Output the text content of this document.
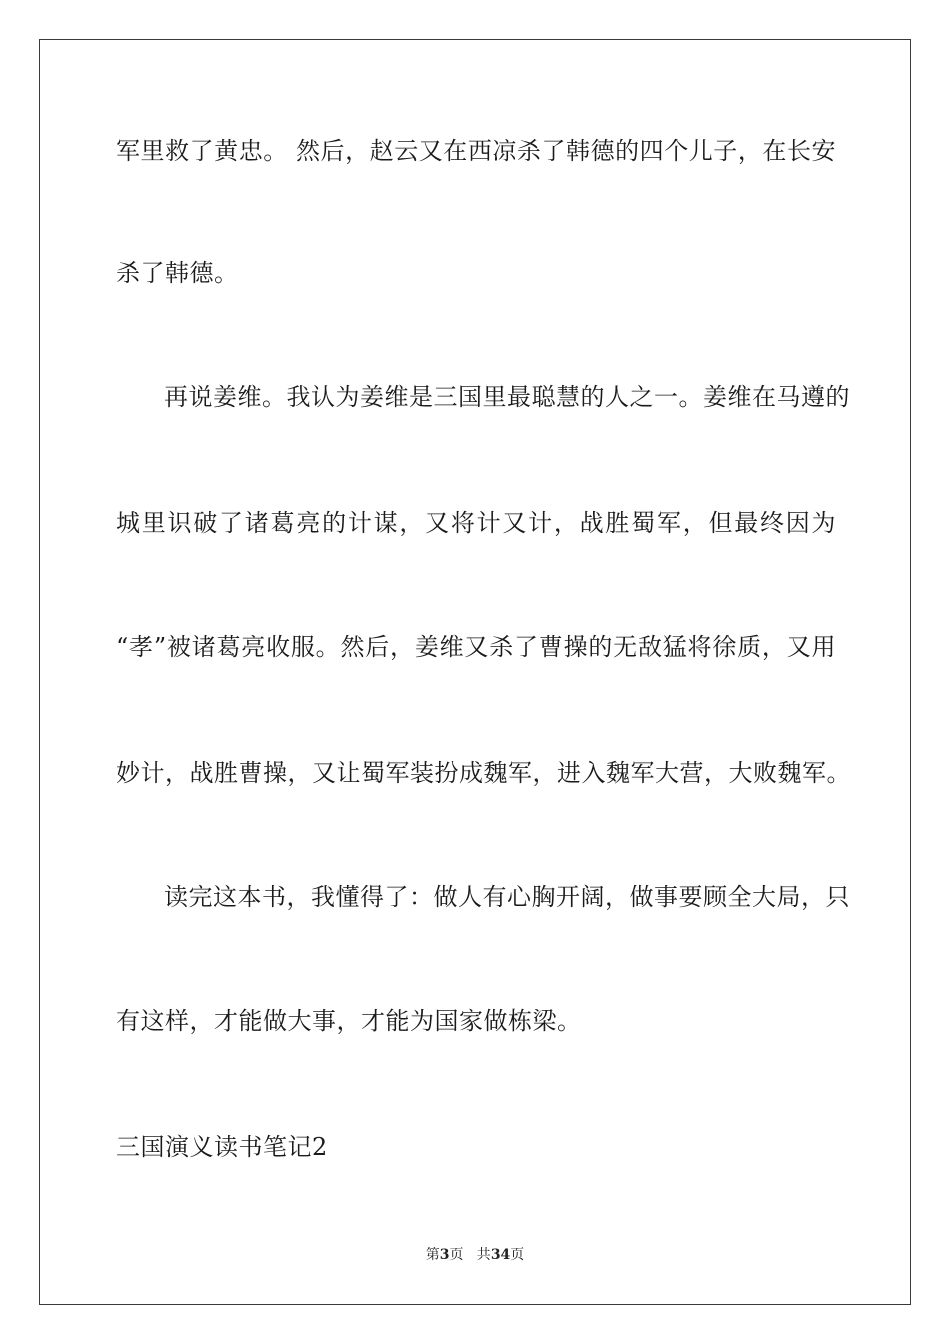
军里救了黄忠。 然后，赵云又在西凉杀了韩德的四个儿子，在长安
杀了韩德。
再说姜维。我认为姜维是三国里最聪慧的人之一。姜维在马遵的
城里识破了诸葛亮的计谋，又将计又计，战胜蜀军，但最终因为
“孝”被诸葛亮收服。然后，姜维又杀了曹操的无敌猛将徐质，又用
妙计，战胜曹操，又让蜀军装扮成魏军，进入魏军大营，大败魏军。
读完这本书，我懂得了：做人有心胸开阔，做事要顾全大局，只
有这样，才能做大事，才能为国家做栋梁。
三国演义读书笔记2
第3页   共34页
